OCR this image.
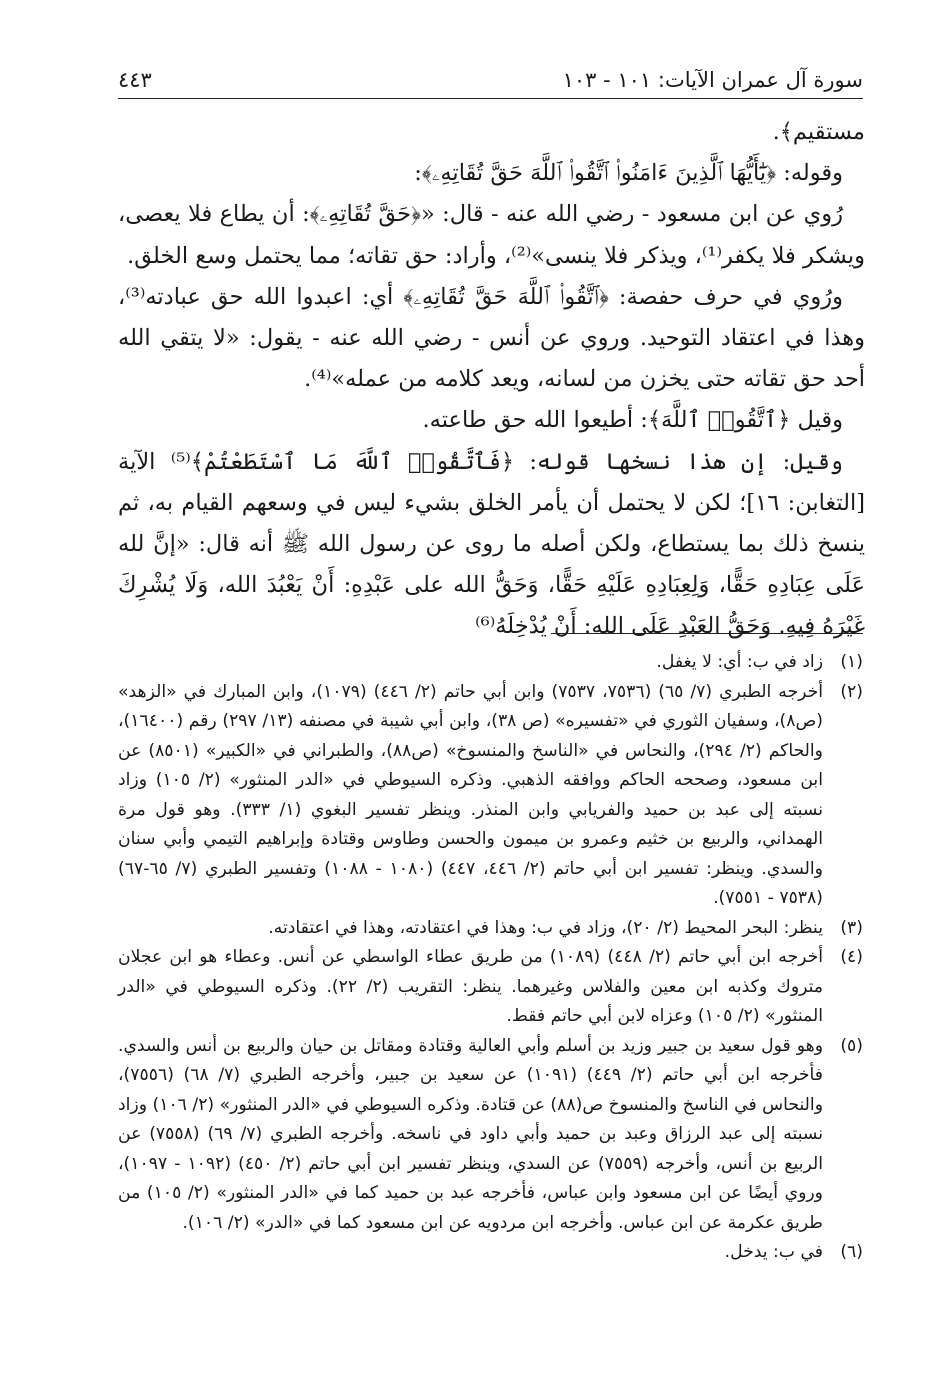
سورة آل عمران الآيات: ١٠١ - ١٠٣
٤٤٣

مستقيم﴾.

وقوله: ﴿يَٰٓأَيُّهَا ٱلَّذِينَ ءَامَنُوا۟ ٱتَّقُوا۟ ٱللَّهَ حَقَّ تُقَاتِهِۦ﴾:

رُوي عن ابن مسعود - رضي الله عنه - قال: «﴿حَقَّ تُقَاتِهِۦ﴾: أن يطاع فلا يعصى، ويشكر فلا يكفر⁽¹⁾، ويذكر فلا ينسى»⁽²⁾، وأراد: حق تقاته؛ مما يحتمل وسع الخلق.

ورُوي في حرف حفصة: ﴿ٱتَّقُوا۟ ٱللَّهَ حَقَّ تُقَاتِهِۦ﴾ أي: اعبدوا الله حق عبادته⁽³⁾، وهذا في اعتقاد التوحيد. وروي عن أنس - رضي الله عنه - يقول: «لا يتقي الله أحد حق تقاته حتى يخزن من لسانه، ويعد كلامه من عمله»⁽⁴⁾.

وقيل ﴿ٱتَّقُوا۟ ٱللَّهَ﴾: أطيعوا الله حق طاعته.

وقيل: إن هذا نسخها قوله: ﴿فَٱتَّقُوا۟ ٱللَّهَ مَا ٱسْتَطَعْتُمْ﴾⁽⁵⁾ الآية [التغابن: ١٦]؛ لكن لا يحتمل أن يأمر الخلق بشيء ليس في وسعهم القيام به، ثم ينسخ ذلك بما يستطاع، ولكن أصله ما روى عن رسول الله ﷺ أنه قال: «إنَّ لله عَلَى عِبَادِهِ حَقًّا، وَلِعِبَادِهِ عَلَيْهِ حَقًّا، وَحَقُّ الله على عَبْدِهِ: أَنْ يَعْبُدَ الله، وَلَا يُشْرِكَ غَيْرَهُ فِيهِ. وَحَقُّ العَبْدِ عَلَى الله: أَنْ يُدْخِلَهُ⁽⁶⁾

(١)
زاد في ب: أي: لا يغفل.
(٢)
أخرجه الطبري (٧/ ٦٥) (٧٥٣٦، ٧٥٣٧) وابن أبي حاتم (٢/ ٤٤٦) (١٠٧٩)، وابن المبارك في «الزهد» (ص٨)، وسفيان الثوري في «تفسيره» (ص ٣٨)، وابن أبي شيبة في مصنفه (١٣/ ٢٩٧) رقم (١٦٤٠٠)، والحاكم (٢/ ٢٩٤)، والنحاس في «الناسخ والمنسوخ» (ص٨٨)، والطبراني في «الكبير» (٨٥٠١) عن ابن مسعود، وصححه الحاكم ووافقه الذهبي. وذكره السيوطي في «الدر المنثور» (٢/ ١٠٥) وزاد نسبته إلى عبد بن حميد والفريابي وابن المنذر. وينظر تفسير البغوي (١/ ٣٣٣). وهو قول مرة الهمداني، والربيع بن خثيم وعمرو بن ميمون والحسن وطاوس وقتادة وإبراهيم التيمي وأبي سنان والسدي. وينظر: تفسير ابن أبي حاتم (٢/ ٤٤٦، ٤٤٧) (١٠٨٠ - ١٠٨٨) وتفسير الطبري (٧/ ٦٥-٦٧) (٧٥٣٨ - ٧٥٥١).
(٣)
ينظر: البحر المحيط (٢/ ٢٠)، وزاد في ب: وهذا في اعتقادته، وهذا في اعتقادته.
(٤)
أخرجه ابن أبي حاتم (٢/ ٤٤٨) (١٠٨٩) من طريق عطاء الواسطي عن أنس. وعطاء هو ابن عجلان متروك وكذبه ابن معين والفلاس وغيرهما. ينظر: التقريب (٢/ ٢٢). وذكره السيوطي في «الدر المنثور» (٢/ ١٠٥) وعزاه لابن أبي حاتم فقط.
(٥)
وهو قول سعيد بن جبير وزيد بن أسلم وأبي العالية وقتادة ومقاتل بن حيان والربيع بن أنس والسدي. فأخرجه ابن أبي حاتم (٢/ ٤٤٩) (١٠٩١) عن سعيد بن جبير، وأخرجه الطبري (٧/ ٦٨) (٧٥٥٦)، والنحاس في الناسخ والمنسوخ ص(٨٨) عن قتادة. وذكره السيوطي في «الدر المنثور» (٢/ ١٠٦) وزاد نسبته إلى عبد الرزاق وعبد بن حميد وأبي داود في ناسخه. وأخرجه الطبري (٧/ ٦٩) (٧٥٥٨) عن الربيع بن أنس، وأخرجه (٧٥٥٩) عن السدي، وينظر تفسير ابن أبي حاتم (٢/ ٤٥٠) (١٠٩٢ - ١٠٩٧)، وروي أيضًا عن ابن مسعود وابن عباس، فأخرجه عبد بن حميد كما في «الدر المنثور» (٢/ ١٠٥) من طريق عكرمة عن ابن عباس. وأخرجه ابن مردويه عن ابن مسعود كما في «الدر» (٢/ ١٠٦).
(٦)
في ب: يدخل.
